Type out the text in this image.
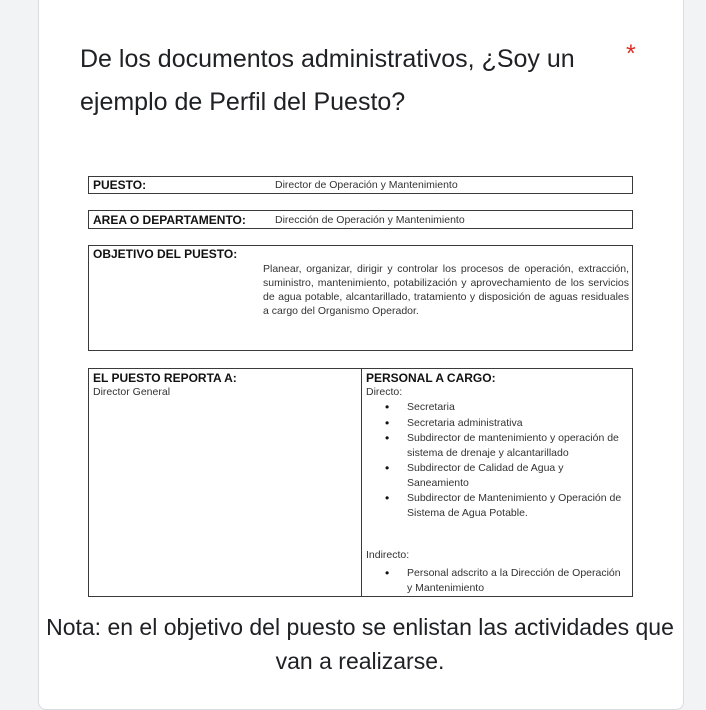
De los documentos administrativos, ¿Soy un ejemplo de Perfil del Puesto?
*
PUESTO:	Director de Operación y Mantenimiento
AREA O DEPARTAMENTO:	Dirección de Operación y Mantenimiento
OBJETIVO DEL PUESTO:
Planear, organizar, dirigir y controlar los procesos de operación, extracción, suministro, mantenimiento, potabilización y aprovechamiento de los servicios de agua potable, alcantarillado, tratamiento y disposición de aguas residuales a cargo del Organismo Operador.
EL PUESTO REPORTA A:
Director General
PERSONAL A CARGO:
Directo:
• Secretaria
• Secretaria administrativa
• Subdirector de mantenimiento y operación de sistema de drenaje y alcantarillado
• Subdirector de Calidad de Agua y Saneamiento
• Subdirector de Mantenimiento y Operación de Sistema de Agua Potable.
Indirecto:
• Personal adscrito a la Dirección de Operación y Mantenimiento
Nota: en el objetivo del puesto se enlistan las actividades que van a realizarse.
